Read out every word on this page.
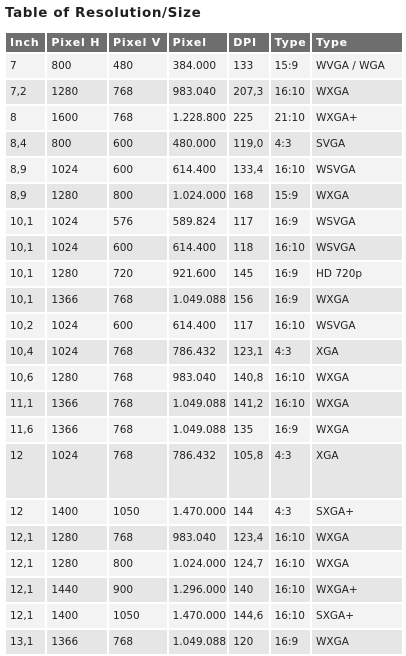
Table of Resolution/Size
Inch	Pixel H	Pixel V	Pixel	DPI	Type	Type
7	800	480	384.000	133	15:9	WVGA / WGA
7,2	1280	768	983.040	207,3	16:10	WXGA
8	1600	768	1.228.800	225	21:10	WXGA+
8,4	800	600	480.000	119,0	4:3	SVGA
8,9	1024	600	614.400	133,4	16:10	WSVGA
8,9	1280	800	1.024.000	168	15:9	WXGA
10,1	1024	576	589.824	117	16:9	WSVGA
10,1	1024	600	614.400	118	16:10	WSVGA
10,1	1280	720	921.600	145	16:9	HD 720p
10,1	1366	768	1.049.088	156	16:9	WXGA
10,2	1024	600	614.400	117	16:10	WSVGA
10,4	1024	768	786.432	123,1	4:3	XGA
10,6	1280	768	983.040	140,8	16:10	WXGA
11,1	1366	768	1.049.088	141,2	16:10	WXGA
11,6	1366	768	1.049.088	135	16:9	WXGA
12	1024	768	786.432	105,8	4:3	XGA
12	1400	1050	1.470.000	144	4:3	SXGA+
12,1	1280	768	983.040	123,4	16:10	WXGA
12,1	1280	800	1.024.000	124,7	16:10	WXGA
12,1	1440	900	1.296.000	140	16:10	WXGA+
12,1	1400	1050	1.470.000	144,6	16:10	SXGA+
13,1	1366	768	1.049.088	120	16:9	WXGA
